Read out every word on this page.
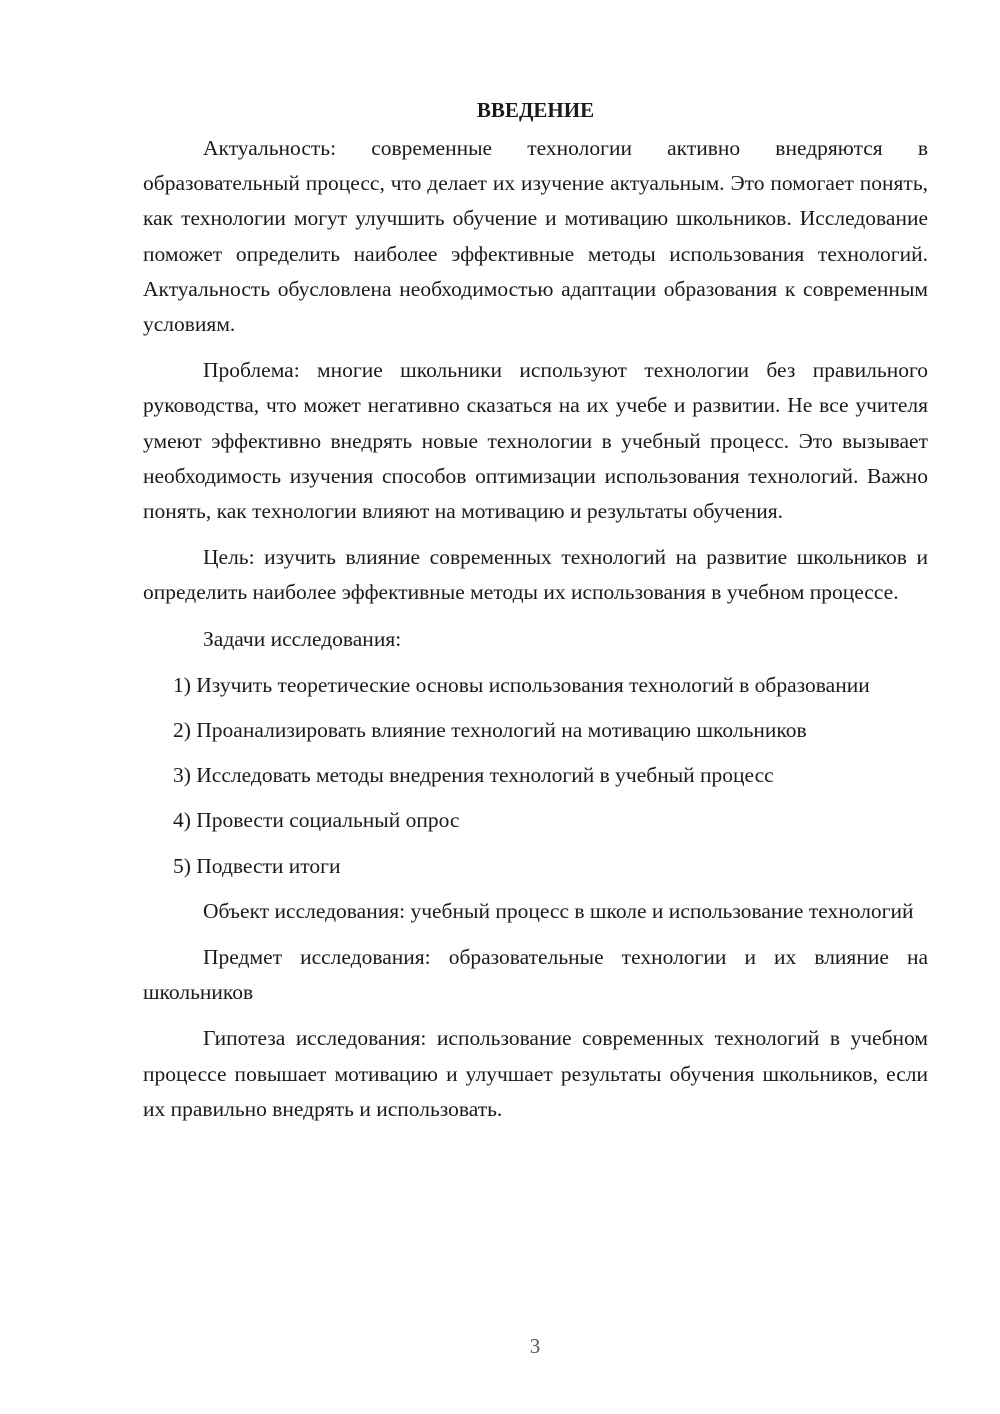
ВВЕДЕНИЕ

Актуальность: современные технологии активно внедряются в образовательный процесс, что делает их изучение актуальным. Это помогает понять, как технологии могут улучшить обучение и мотивацию школьников. Исследование поможет определить наиболее эффективные методы использования технологий. Актуальность обусловлена необходимостью адаптации образования к современным условиям.

Проблема: многие школьники используют технологии без правильного руководства, что может негативно сказаться на их учебе и развитии. Не все учителя умеют эффективно внедрять новые технологии в учебный процесс. Это вызывает необходимость изучения способов оптимизации использования технологий. Важно понять, как технологии влияют на мотивацию и результаты обучения.

Цель: изучить влияние современных технологий на развитие школьников и определить наиболее эффективные методы их использования в учебном процессе.

Задачи исследования:

1) Изучить теоретические основы использования технологий в образовании

2) Проанализировать влияние технологий на мотивацию школьников

3) Исследовать методы внедрения технологий в учебный процесс

4) Провести социальный опрос

5) Подвести итоги

Объект исследования: учебный процесс в школе и использование технологий

Предмет исследования: образовательные технологии и их влияние на школьников

Гипотеза исследования: использование современных технологий в учебном процессе повышает мотивацию и улучшает результаты обучения школьников, если их правильно внедрять и использовать.

3
